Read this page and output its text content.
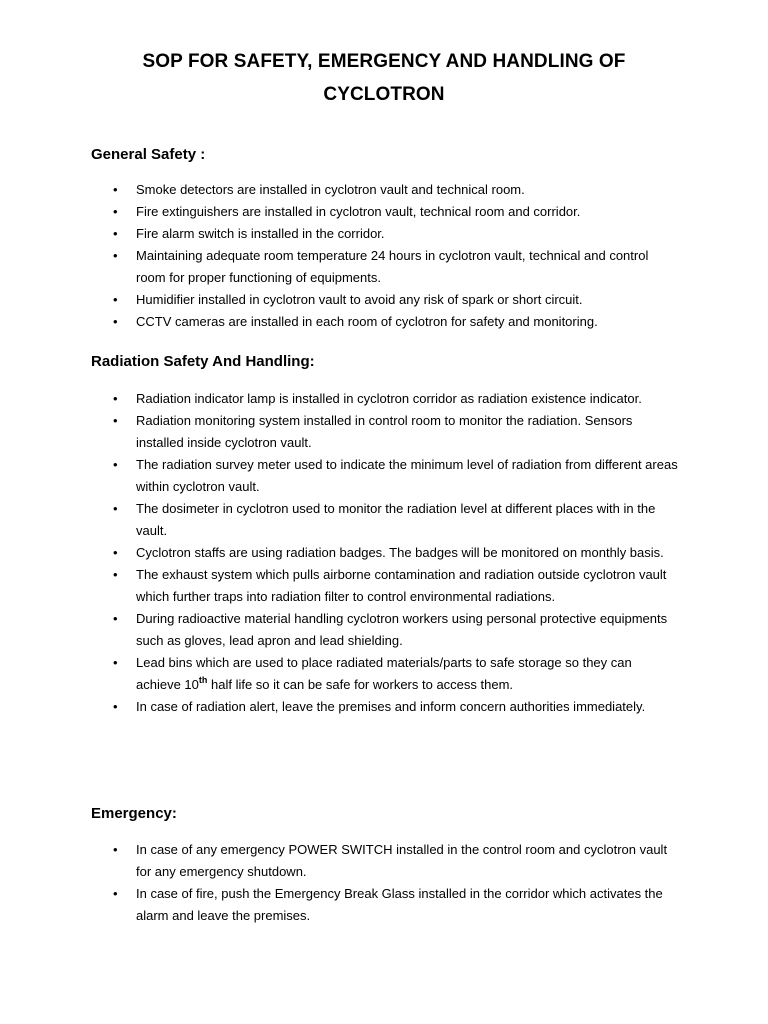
SOP FOR SAFETY, EMERGENCY AND HANDLING OF
CYCLOTRON
General Safety :
• Smoke detectors are installed in cyclotron vault and technical room.
• Fire extinguishers are installed in cyclotron vault, technical room and corridor.
• Fire alarm switch is installed in the corridor.
• Maintaining adequate room temperature 24 hours in cyclotron vault, technical and control room for proper functioning of equipments.
• Humidifier installed in cyclotron vault to avoid any risk of spark or short circuit.
• CCTV cameras are installed in each room of cyclotron for safety and monitoring.
Radiation Safety And Handling:
• Radiation indicator lamp is installed in cyclotron corridor as radiation existence indicator.
• Radiation monitoring system installed in control room to monitor the radiation. Sensors installed inside cyclotron vault.
• The radiation survey meter used to indicate the minimum level of radiation from different areas within cyclotron vault.
• The dosimeter in cyclotron used to monitor the radiation level at different places with in the vault.
• Cyclotron staffs are using radiation badges. The badges will be monitored on monthly basis.
• The exhaust system which pulls airborne contamination and radiation outside cyclotron vault which further traps into radiation filter to control environmental radiations.
• During radioactive material handling cyclotron workers using personal protective equipments such as gloves, lead apron and lead shielding.
• Lead bins which are used to place radiated materials/parts to safe storage so they can achieve 10th half life so it can be safe for workers to access them.
• In case of radiation alert, leave the premises and inform concern authorities immediately.
Emergency:
• In case of any emergency POWER SWITCH installed in the control room and cyclotron vault for any emergency shutdown.
• In case of fire, push the Emergency Break Glass installed in the corridor which activates the alarm and leave the premises.
